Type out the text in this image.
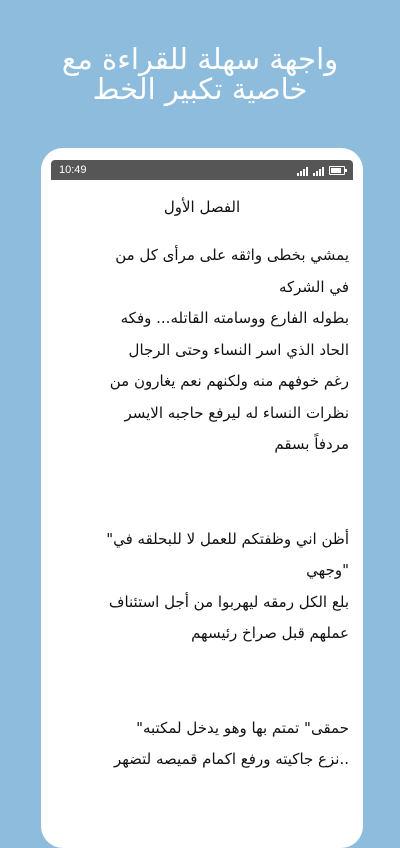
واجهة سهلة للقراءة مع
خاصية تكبير الخط
10:49
الفصل الأول
يمشي بخطى واثقه على مرأى كل من
في الشركه
بطوله الفارع ووسامته القاتله... وفكه
الحاد الذي اسر النساء وحتى الرجال
رغم خوفهم منه ولكنهم نعم يغارون من
نظرات النساء له ليرفع حاجبه الايسر
مردفاً بسقم
أظن اني وظفتكم للعمل لا للبحلقه في"
"وجهي
بلع الكل رمقه ليهربوا من أجل استئناف
عملهم قبل صراخ رئيسهم
حمقى" تمتم بها وهو يدخل لمكتبه"
..نزع جاكيته ورفع اكمام قميصه لتضهر
